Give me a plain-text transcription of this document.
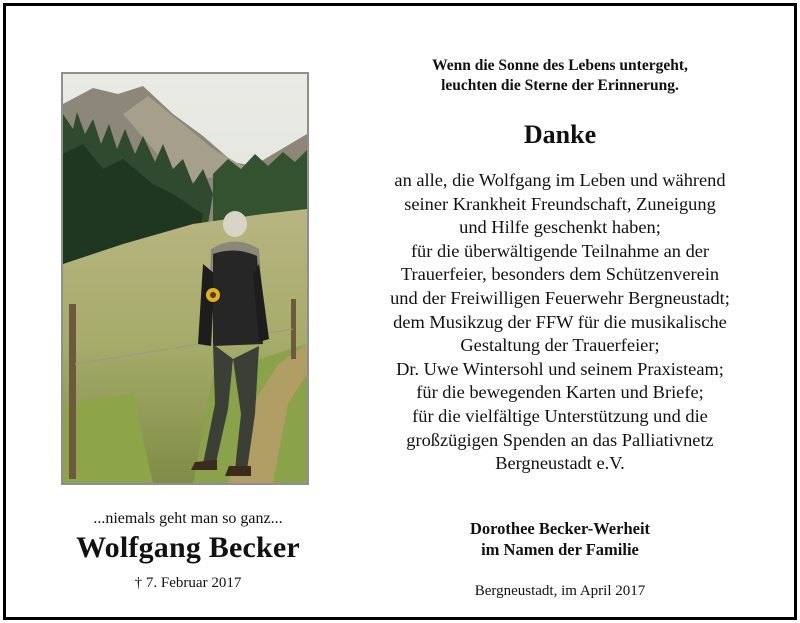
...niemals geht man so ganz...
Wolfgang Becker
† 7. Februar 2017
Wenn die Sonne des Lebens untergeht,
leuchten die Sterne der Erinnerung.
Danke
an alle, die Wolfgang im Leben und während
seiner Krankheit Freundschaft, Zuneigung
und Hilfe geschenkt haben;
für die überwältigende Teilnahme an der
Trauerfeier, besonders dem Schützenverein
und der Freiwilligen Feuerwehr Bergneustadt;
dem Musikzug der FFW für die musikalische
Gestaltung der Trauerfeier;
Dr. Uwe Wintersohl und seinem Praxisteam;
für die bewegenden Karten und Briefe;
für die vielfältige Unterstützung und die
großzügigen Spenden an das Palliativnetz
Bergneustadt e.V.
Dorothee Becker-Werheit
im Namen der Familie
Bergneustadt, im April 2017
